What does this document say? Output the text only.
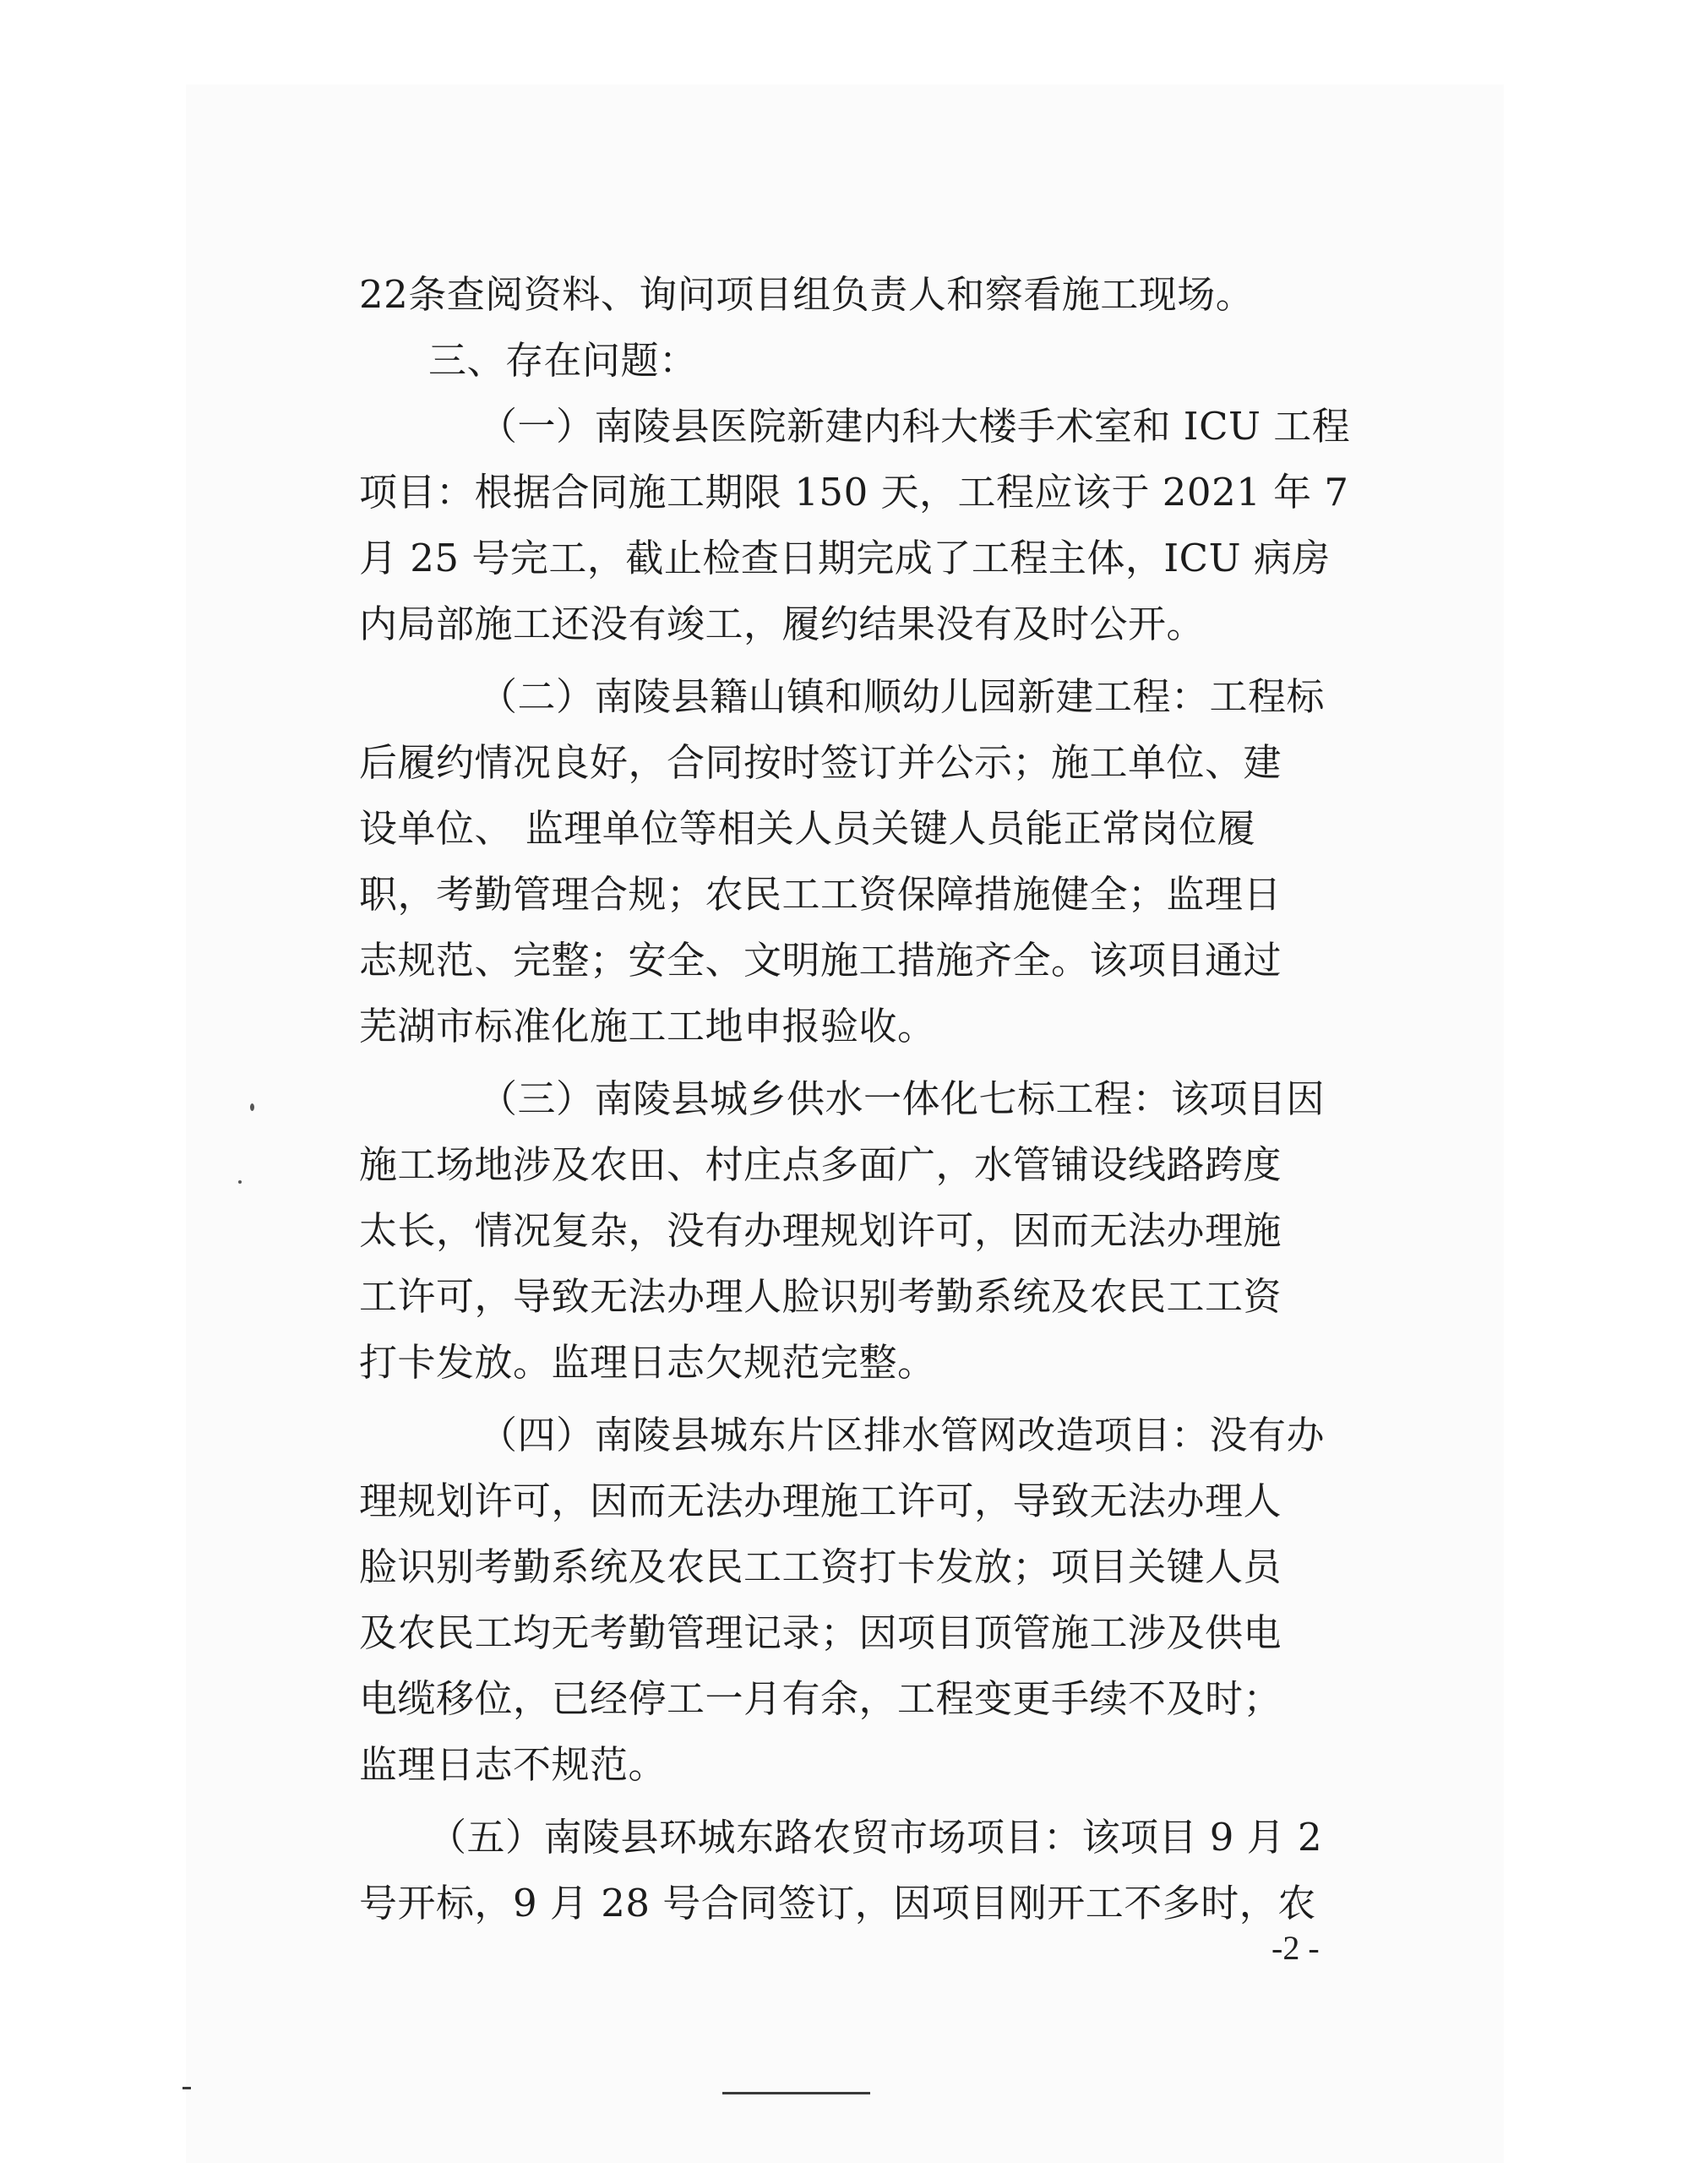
22条查阅资料、询问项目组负责人和察看施工现场。
三、存在问题：
（一）南陵县医院新建内科大楼手术室和 ICU 工程
项目：根据合同施工期限 150 天，工程应该于 2021 年 7
月 25 号完工，截止检查日期完成了工程主体，ICU 病房
内局部施工还没有竣工，履约结果没有及时公开。
（二）南陵县籍山镇和顺幼儿园新建工程：工程标
后履约情况良好，合同按时签订并公示；施工单位、建
设单位、 监理单位等相关人员关键人员能正常岗位履
职，考勤管理合规；农民工工资保障措施健全；监理日
志规范、完整；安全、文明施工措施齐全。该项目通过
芜湖市标准化施工工地申报验收。
（三）南陵县城乡供水一体化七标工程：该项目因
施工场地涉及农田、村庄点多面广，水管铺设线路跨度
太长，情况复杂，没有办理规划许可，因而无法办理施
工许可，导致无法办理人脸识别考勤系统及农民工工资
打卡发放。监理日志欠规范完整。
（四）南陵县城东片区排水管网改造项目：没有办
理规划许可，因而无法办理施工许可，导致无法办理人
脸识别考勤系统及农民工工资打卡发放；项目关键人员
及农民工均无考勤管理记录；因项目顶管施工涉及供电
电缆移位，已经停工一月有余，工程变更手续不及时；
监理日志不规范。
（五）南陵县环城东路农贸市场项目：该项目 9 月 2
号开标，9 月 28 号合同签订，因项目刚开工不多时，农
-2 -
